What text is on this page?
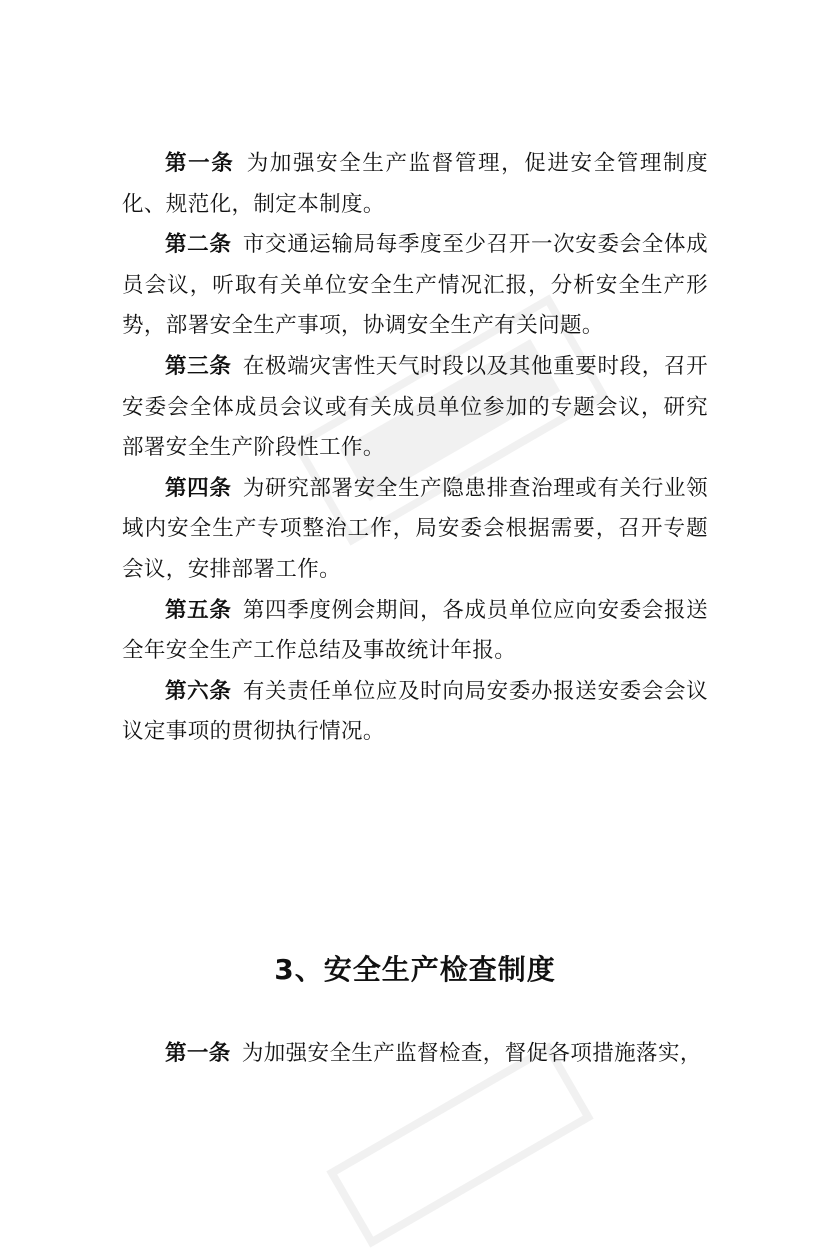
第一条  为加强安全生产监督管理，促进安全管理制度化、规范化，制定本制度。

第二条  市交通运输局每季度至少召开一次安委会全体成员会议，听取有关单位安全生产情况汇报，分析安全生产形势，部署安全生产事项，协调安全生产有关问题。

第三条  在极端灾害性天气时段以及其他重要时段，召开安委会全体成员会议或有关成员单位参加的专题会议，研究部署安全生产阶段性工作。

第四条  为研究部署安全生产隐患排查治理或有关行业领域内安全生产专项整治工作，局安委会根据需要，召开专题会议，安排部署工作。

第五条  第四季度例会期间，各成员单位应向安委会报送全年安全生产工作总结及事故统计年报。

第六条  有关责任单位应及时向局安委办报送安委会会议议定事项的贯彻执行情况。

3、安全生产检查制度

第一条  为加强安全生产监督检查，督促各项措施落实，
